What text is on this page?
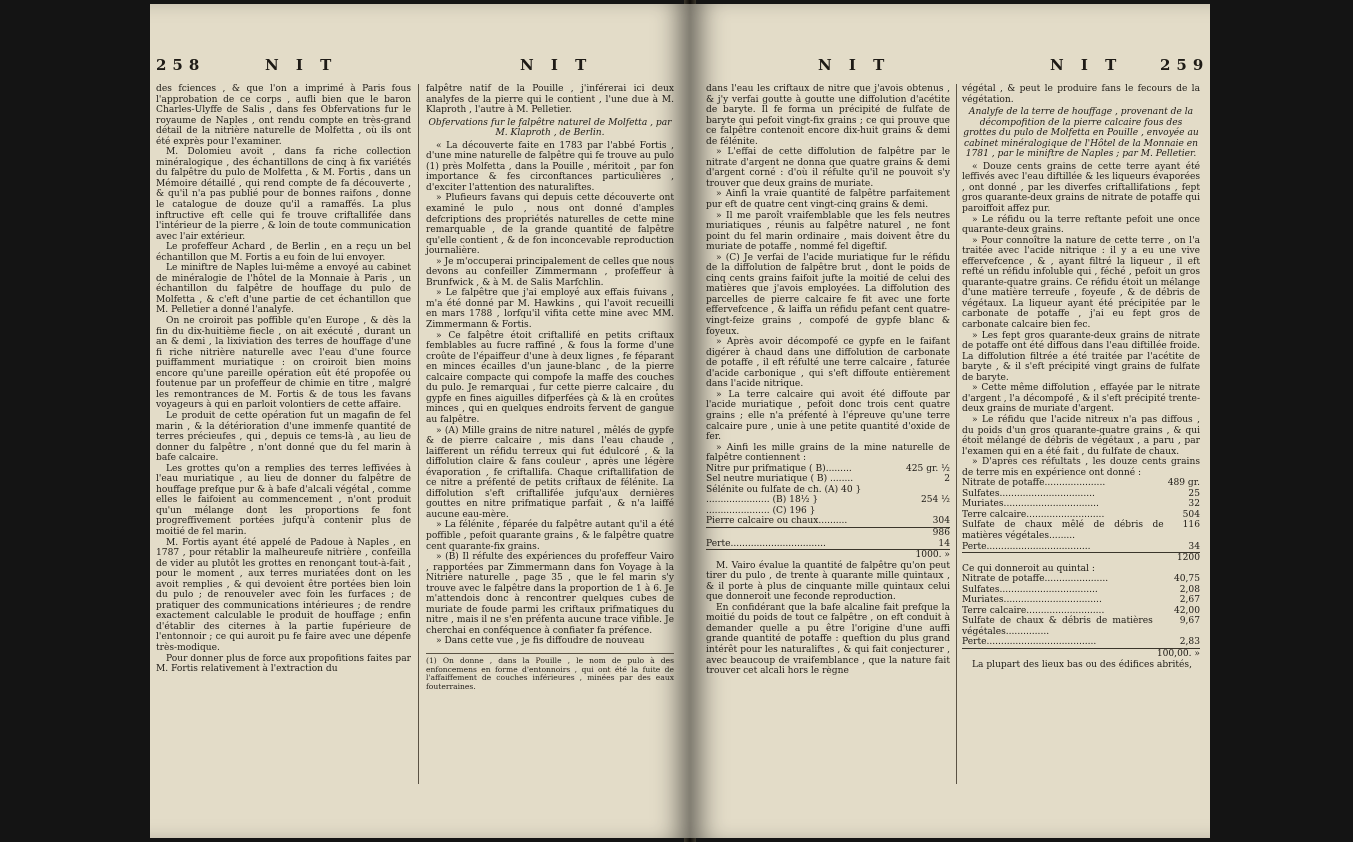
258	N I T	N I T

des fciences , & que l'on a imprimé à Paris fous l'approbation de ce corps , aufli bien que le baron Charles-Ulyffe de Salis , dans fes Obfervations fur le royaume de Naples , ont rendu compte en très-grand détail de la nitrière naturelle de Molfetta , où ils ont été exprès pour l'examiner.

M. Dolomieu avoit , dans fa riche collection minéralogique , des échantillons de cinq à fix variétés du falpêtre du pulo de Molfetta , & M. Fortis , dans un Mémoire détaillé , qui rend compte de fa découverte , & qu'il n'a pas publié pour de bonnes raifons , donne le catalogue de douze qu'il a ramaffés. La plus inftructive eft celle qui fe trouve criftallifée dans l'intérieur de la pierre , & loin de toute communication avec l'air extérieur.

Le profeffeur Achard , de Berlin , en a reçu un bel échantillon que M. Fortis a eu foin de lui envoyer.

Le miniftre de Naples lui-même a envoyé au cabinet de minéralogie de l'hôtel de la Monnaie à Paris , un échantillon du falpêtre de houffage du pulo de Molfetta , & c'eft d'une partie de cet échantillon que M. Pelletier a donné l'analyfe.

On ne croiroit pas poffible qu'en Europe , & dès la fin du dix-huitième fiecle , on ait exécuté , durant un an & demi , la lixiviation des terres de houffage d'une fi riche nitrière naturelle avec l'eau d'une fource puiffamment muriatique : on croiroit bien moins encore qu'une pareille opération eût été propofée ou foutenue par un profeffeur de chimie en titre , malgré les remontrances de M. Fortis & de tous les favans voyageurs à qui en parloit volontiers de cette affaire.

Le produit de cette opération fut un magafin de fel marin , & la détérioration d'une immenfe quantité de terres précieufes , qui , depuis ce tems-là , au lieu de donner du falpêtre , n'ont donné que du fel marin à bafe calcaire.

Les grottes qu'on a remplies des terres leffivées à l'eau muriatique , au lieu de donner du falpêtre de houffage prefque pur & à bafe d'alcali végétal , comme elles le faifoient au commencement , n'ont produit qu'un mélange dont les proportions fe font progreffivement portées jufqu'à contenir plus de moitié de fel marin.

M. Fortis ayant été appelé de Padoue à Naples , en 1787 , pour rétablir la malheureufe nitrière , confeilla de vider au plutôt les grottes en renonçant tout-à-fait , pour le moment , aux terres muriatées dont on les avoit remplies , & qui devoient être portées bien loin du pulo ; de renouveler avec foin les furfaces ; de pratiquer des communications intérieures ; de rendre exactement calculable le produit de houffage ; enfin d'établir des citernes à la partie fupérieure de l'entonnoir ; ce qui auroit pu fe faire avec une dépenfe très-modique.

Pour donner plus de force aux propofitions faites par M. Fortis relativement à l'extraction du

falpêtre natif de la Pouille , j'inférerai ici deux analyfes de la pierre qui le contient , l'une due à M. Klaproth , l'autre à M. Pelletier.

Obfervations fur le falpêtre naturel de Molfetta , par M. Klaproth , de Berlin.

« La découverte faite en 1783 par l'abbé Fortis , d'une mine naturelle de falpêtre qui fe trouve au pulo (1) près Molfetta , dans la Pouille , méritoit , par fon importance & fes circonftances particulières , d'exciter l'attention des naturaliftes.

» Plufieurs favans qui depuis cette découverte ont examiné le pulo , nous ont donné d'amples defcriptions des propriétés naturelles de cette mine remarquable , de la grande quantité de falpêtre qu'elle contient , & de fon inconcevable reproduction journalière.

» Je m'occuperai principalement de celles que nous devons au confeiller Zimmermann , profeffeur à Brunfwick , & à M. de Salis Marfchlin.

» Le falpêtre que j'ai employé aux effais fuivans , m'a été donné par M. Hawkins , qui l'avoit recueilli en mars 1788 , lorfqu'il vifita cette mine avec MM. Zimmermann & Fortis.

» Ce falpêtre étoit criftallifé en petits criftaux femblables au fucre raffiné , & fous la forme d'une croûte de l'épaiffeur d'une à deux lignes , fe féparant en minces écailles d'un jaune-blanc , de la pierre calcaire compacte qui compofe la maffe des couches du pulo. Je remarquai , fur cette pierre calcaire , du gypfe en fines aiguilles difperfées çà & là en croûtes minces , qui en quelques endroits fervent de gangue au falpêtre.

» (A) Mille grains de nitre naturel , mêlés de gypfe & de pierre calcaire , mis dans l'eau chaude , laifferent un réfidu terreux qui fut édulcoré , & la diffolution claire & fans couleur , après une légère évaporation , fe criftallifa. Chaque criftallifation de ce nitre a préfenté de petits criftaux de félénite. La diffolution s'eft criftallifée jufqu'aux dernières gouttes en nitre prifmatique parfait , & n'a laiffé aucune eau-mère.

» La félénite , féparée du falpêtre autant qu'il a été poffible , pefoit quarante grains , & le falpêtre quatre cent quarante-fix grains.

» (B) Il réfulte des expériences du profeffeur Vairo , rapportées par Zimmermann dans fon Voyage à la Nitrière naturelle , page 35 , que le fel marin s'y trouve avec le falpêtre dans la proportion de 1 à 6. Je m'attendois donc à rencontrer quelques cubes de muriate de foude parmi les criftaux prifmatiques du nitre , mais il ne s'en préfenta aucune trace vifible. Je cherchai en conféquence à confiater fa préfence.

» Dans cette vue , je fis diffoudre de nouveau

(1) On donne , dans la Pouille , le nom de pulo à des enfoncemens en forme d'entonnoirs , qui ont été la fuite de l'affaiffement de couches inférieures , minées par des eaux fouterraines.
N I T	N I T	259

dans l'eau les criftaux de nitre que j'avois obtenus , & j'y verfai goutte à goutte une diffolution d'acétite de baryte. Il fe forma un précipité de fulfate de baryte qui pefoit vingt-fix grains ; ce qui prouve que ce falpêtre contenoit encore dix-huit grains & demi de félénite.

» L'effai de cette diffolution de falpêtre par le nitrate d'argent ne donna que quatre grains & demi d'argent corné : d'où il réfulte qu'il ne pouvoit s'y trouver que deux grains de muriate.

» Ainfi la vraie quantité de falpêtre parfaitement pur eft de quatre cent vingt-cinq grains & demi.

» Il me paroît vraifemblable que les fels neutres muriatiques , réunis au falpêtre naturel , ne font point du fel marin ordinaire , mais doivent être du muriate de potaffe , nommé fel digeftif.

» (C) Je verfai de l'acide muriatique fur le réfidu de la diffolution de falpêtre brut , dont le poids de cinq cents grains faifoit jufte la moitié de celui des matières que j'avois employées. La diffolution des parcelles de pierre calcaire fe fit avec une forte effervefcence , & laiffa un réfidu pefant cent quatre-vingt-feize grains , compofé de gypfe blanc & foyeux.

» Après avoir décompofé ce gypfe en le faifant digérer à chaud dans une diffolution de carbonate de potaffe , il eft réfulté une terre calcaire , faturée d'acide carbonique , qui s'eft diffoute entièrement dans l'acide nitrique.

» La terre calcaire qui avoit été diffoute par l'acide muriatique , pefoit donc trois cent quatre grains ; elle n'a préfenté à l'épreuve qu'une terre calcaire pure , unie à une petite quantité d'oxide de fer.

» Ainfi les mille grains de la mine naturelle de falpêtre contiennent :

Nitre pur prifmatique ( B).........	425 gr. ½
Sel neutre muriatique ( B) ........	2
Sélénite ou fulfate de ch. (A) 40 }	
...................... (B) 18½ }	254 ½
...................... (C) 196 }	
Pierre calcaire ou chaux..........	304
	986
Perte.................................	14
	1000. »

M. Vairo évalue la quantité de falpêtre qu'on peut tirer du pulo , de trente à quarante mille quintaux , & il porte à plus de cinquante mille quintaux celui que donneroit une feconde reproduction.

En confidérant que la bafe alcaline fait prefque la moitié du poids de tout ce falpêtre , on eft conduit à demander quelle a pu être l'origine d'une auffi grande quantité de potaffe : queftion du plus grand intérêt pour les naturaliftes , & qui fait conjecturer , avec beaucoup de vraifemblance , que la nature fait trouver cet alcali hors le règne

végétal , & peut le produire fans le fecours de la végétation.

Analyfe de la terre de houffage , provenant de la décompofition de la pierre calcaire fous des grottes du pulo de Molfetta en Pouille , envoyée au cabinet minéralogique de l'Hôtel de la Monnaie en 1781 , par le miniftre de Naples ; par M. Pelletier.

« Douze cents grains de cette terre ayant été leffivés avec l'eau diftillée & les liqueurs évaporées , ont donné , par les diverfes criftallifations , fept gros quarante-deux grains de nitrate de potaffe qui paroiffoit affez pur.

» Le réfidu ou la terre reftante pefoit une once quarante-deux grains.

» Pour connoître la nature de cette terre , on l'a traitée avec l'acide nitrique : il y a eu une vive effervefcence , & , ayant filtré la liqueur , il eft refté un réfidu infoluble qui , féché , pefoit un gros quarante-quatre grains. Ce réfidu étoit un mélange d'une matière terreufe , foyeufe , & de débris de végétaux. La liqueur ayant été précipitée par le carbonate de potaffe , j'ai eu fept gros de carbonate calcaire bien fec.

» Les fept gros quarante-deux grains de nitrate de potaffe ont été diffous dans l'eau diftillée froide. La diffolution filtrée a été traitée par l'acétite de baryte , & il s'eft précipité vingt grains de fulfate de baryte.

» Cette même diffolution , effayée par le nitrate d'argent , l'a décompofé , & il s'eft précipité trente-deux grains de muriate d'argent.

» Le réfidu que l'acide nitreux n'a pas diffous , du poids d'un gros quarante-quatre grains , & qui étoit mélangé de débris de végétaux , a paru , par l'examen qui en a été fait , du fulfate de chaux.

» D'après ces réfultats , les douze cents grains de terre mis en expérience ont donné :

Nitrate de potaffe.....................	489 gr.
Sulfates.................................	25
Muriates.................................	32
Terre calcaire...........................	504
Sulfate de chaux mêlé de débris de matières végétales.........	116
Perte....................................	34
	1200

Ce qui donneroit au quintal :

Nitrate de potaffe......................	40,75
Sulfates..................................	2,08
Muriates..................................	2,67
Terre calcaire...........................	42,00
Sulfate de chaux & débris de matières végétales...............	9,67
Perte......................................	2,83
	100,00. »

La plupart des lieux bas ou des édifices abrités,
